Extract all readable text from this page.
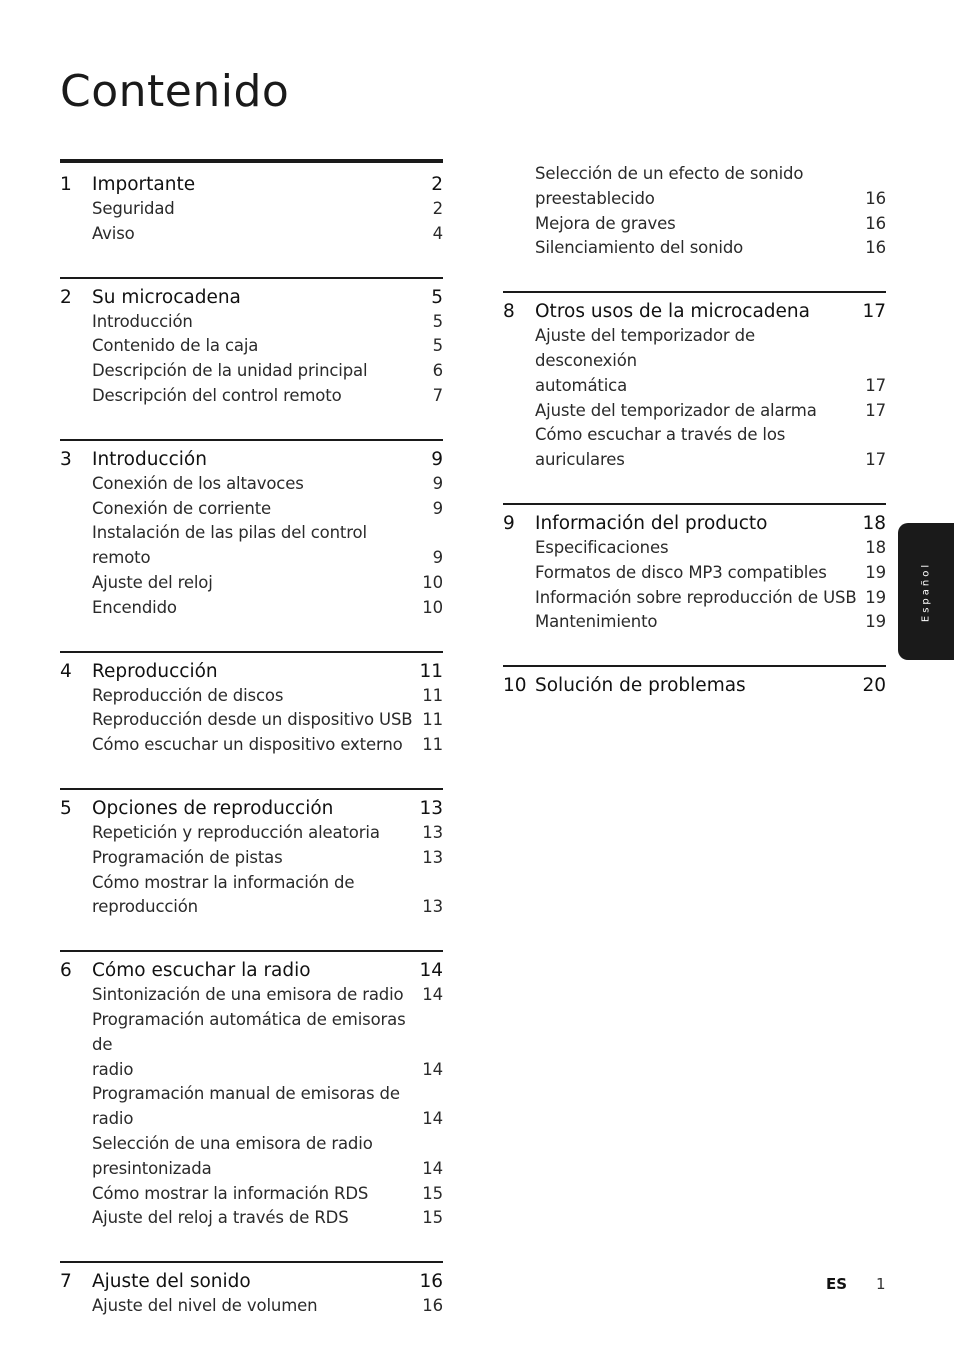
Contenido
1	Importante	2
Seguridad	2
Aviso	4
2	Su microcadena	5
Introducción	5
Contenido de la caja	5
Descripción de la unidad principal	6
Descripción del control remoto	7
3	Introducción	9
Conexión de los altavoces	9
Conexión de corriente	9
Instalación de las pilas del control remoto	9
Ajuste del reloj	10
Encendido	10
4	Reproducción	11
Reproducción de discos	11
Reproducción desde un dispositivo USB 11
Cómo escuchar un dispositivo externo	11
5	Opciones de reproducción	13
Repetición y reproducción aleatoria	13
Programación de pistas	13
Cómo mostrar la información de
reproducción	13
6	Cómo escuchar la radio	14
Sintonización de una emisora de radio	14
Programación automática de emisoras de
radio	14
Programación manual de emisoras de radio	14
Selección de una emisora de radio
presintonizada	14
Cómo mostrar la información RDS	15
Ajuste del reloj a través de RDS	15
7	Ajuste del sonido	16
Ajuste del nivel de volumen	16
Selección de un efecto de sonido
preestablecido	16
Mejora de graves	16
Silenciamiento del sonido	16
8	Otros usos de la microcadena	17
Ajuste del temporizador de desconexión
automática	17
Ajuste del temporizador de alarma	17
Cómo escuchar a través de los auriculares	17
9	Información del producto	18
Especificaciones	18
Formatos de disco MP3 compatibles	19
Información sobre reproducción de USB 19
Mantenimiento	19
10 Solución de problemas	20
Español
ES 1
